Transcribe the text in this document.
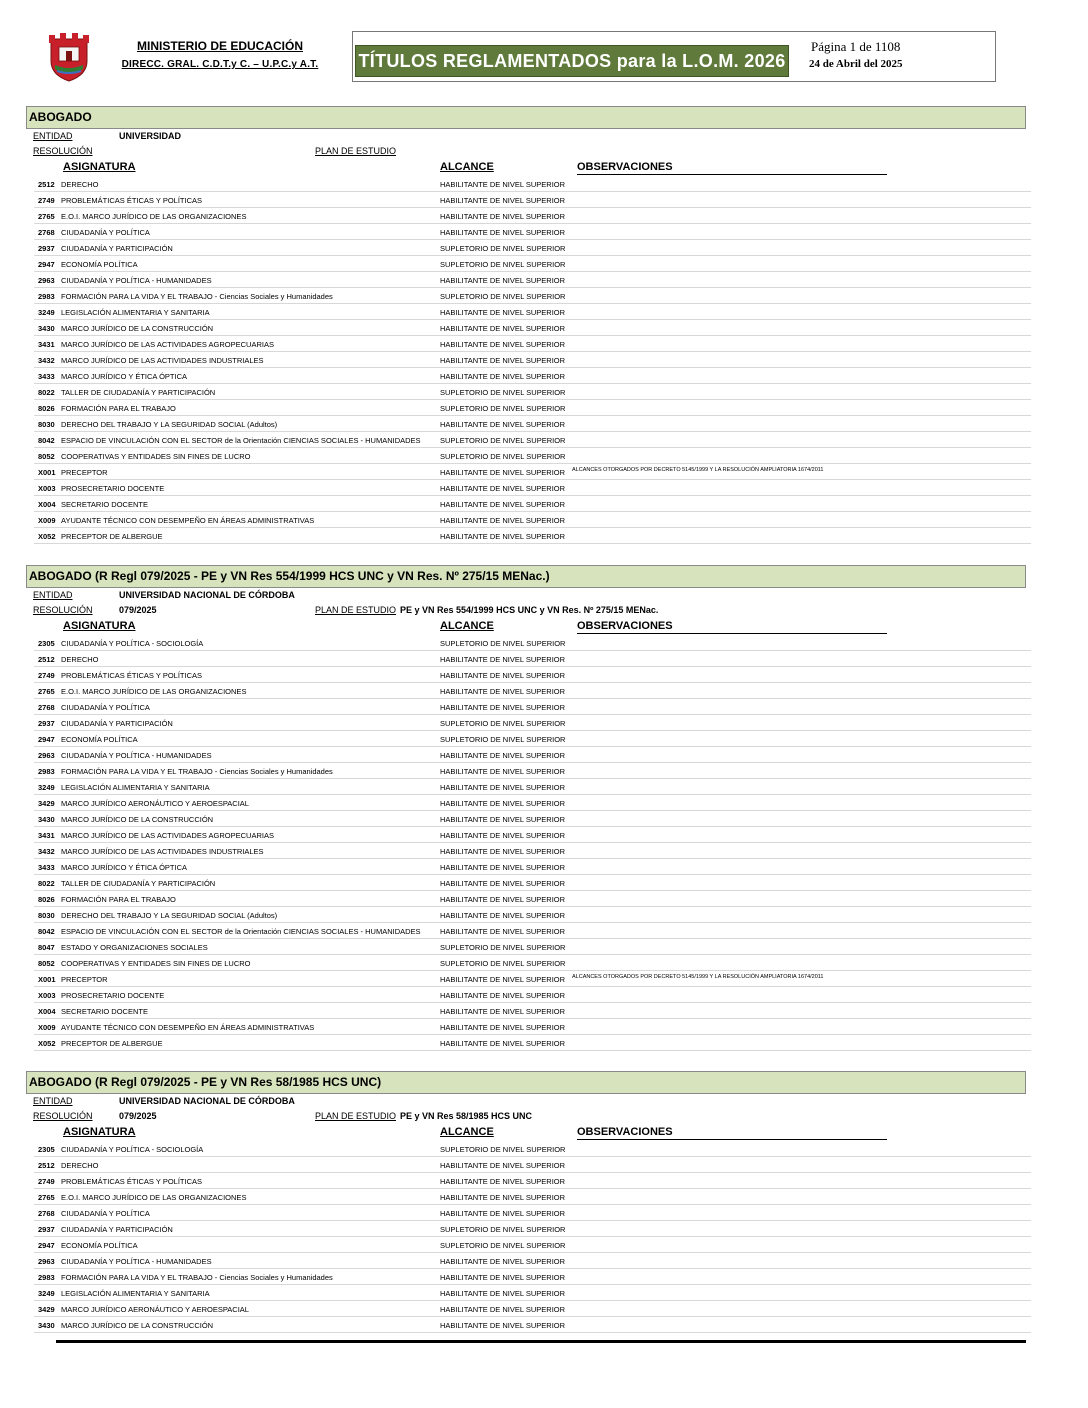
MINISTERIO DE EDUCACIÓN
DIRECC. GRAL. C.D.T.y C. – U.P.C.y A.T.	TÍTULOS REGLAMENTADOS para la L.O.M. 2026
Página 1 de 1108
24 de Abril del 2025
ABOGADO
ENTIDAD	UNIVERSIDAD
RESOLUCIÓN	PLAN DE ESTUDIO
ASIGNATURA	ALCANCE	OBSERVACIONES
2512 DERECHO	HABILITANTE DE NIVEL SUPERIOR
2749 PROBLEMÁTICAS ÉTICAS Y POLÍTICAS	HABILITANTE DE NIVEL SUPERIOR
2765 E.O.I. MARCO JURÍDICO DE LAS ORGANIZACIONES	HABILITANTE DE NIVEL SUPERIOR
2768 CIUDADANÍA Y POLÍTICA	HABILITANTE DE NIVEL SUPERIOR
2937 CIUDADANÍA Y PARTICIPACIÓN	SUPLETORIO DE NIVEL SUPERIOR
2947 ECONOMÍA POLÍTICA	SUPLETORIO DE NIVEL SUPERIOR
2963 CIUDADANÍA Y POLÍTICA - HUMANIDADES	HABILITANTE DE NIVEL SUPERIOR
2983 FORMACIÓN PARA LA VIDA Y EL TRABAJO - Ciencias Sociales y Humanidades	SUPLETORIO DE NIVEL SUPERIOR
3249 LEGISLACIÓN ALIMENTARIA Y SANITARIA	HABILITANTE DE NIVEL SUPERIOR
3430 MARCO JURÍDICO DE LA CONSTRUCCIÓN	HABILITANTE DE NIVEL SUPERIOR
3431 MARCO JURÍDICO DE LAS ACTIVIDADES AGROPECUARIAS	HABILITANTE DE NIVEL SUPERIOR
3432 MARCO JURÍDICO DE LAS ACTIVIDADES INDUSTRIALES	HABILITANTE DE NIVEL SUPERIOR
3433 MARCO JURÍDICO Y ÉTICA ÓPTICA	HABILITANTE DE NIVEL SUPERIOR
8022 TALLER DE CIUDADANÍA Y PARTICIPACIÓN	SUPLETORIO DE NIVEL SUPERIOR
8026 FORMACIÓN PARA EL TRABAJO	SUPLETORIO DE NIVEL SUPERIOR
8030 DERECHO DEL TRABAJO Y LA SEGURIDAD SOCIAL (Adultos)	HABILITANTE DE NIVEL SUPERIOR
8042 ESPACIO DE VINCULACIÓN CON EL SECTOR de la Orientación CIENCIAS SOCIALES - HUMANIDADES	SUPLETORIO DE NIVEL SUPERIOR
8052 COOPERATIVAS Y ENTIDADES SIN FINES DE LUCRO	SUPLETORIO DE NIVEL SUPERIOR
X001 PRECEPTOR	HABILITANTE DE NIVEL SUPERIOR ALCANCES OTORGADOS POR DECRETO 5145/1999 Y LA RESOLUCIÓN AMPLIATORIA 1674/2011
X003 PROSECRETARIO DOCENTE	HABILITANTE DE NIVEL SUPERIOR
X004 SECRETARIO DOCENTE	HABILITANTE DE NIVEL SUPERIOR
X009 AYUDANTE TÉCNICO CON DESEMPEÑO EN ÁREAS ADMINISTRATIVAS	HABILITANTE DE NIVEL SUPERIOR
X052 PRECEPTOR DE ALBERGUE	HABILITANTE DE NIVEL SUPERIOR
ABOGADO (R Regl 079/2025 - PE y VN Res 554/1999 HCS UNC y VN Res. Nº 275/15 MENac.)
ENTIDAD	UNIVERSIDAD NACIONAL DE CÓRDOBA
RESOLUCIÓN	079/2025	PLAN DE ESTUDIO PE y VN Res 554/1999 HCS UNC y VN Res. Nº 275/15 MENac.
ASIGNATURA	ALCANCE	OBSERVACIONES
2305 CIUDADANÍA Y POLÍTICA - SOCIOLOGÍA	SUPLETORIO DE NIVEL SUPERIOR
2512 DERECHO	HABILITANTE DE NIVEL SUPERIOR
2749 PROBLEMÁTICAS ÉTICAS Y POLÍTICAS	HABILITANTE DE NIVEL SUPERIOR
2765 E.O.I. MARCO JURÍDICO DE LAS ORGANIZACIONES	HABILITANTE DE NIVEL SUPERIOR
2768 CIUDADANÍA Y POLÍTICA	HABILITANTE DE NIVEL SUPERIOR
2937 CIUDADANÍA Y PARTICIPACIÓN	SUPLETORIO DE NIVEL SUPERIOR
2947 ECONOMÍA POLÍTICA	SUPLETORIO DE NIVEL SUPERIOR
2963 CIUDADANÍA Y POLÍTICA - HUMANIDADES	HABILITANTE DE NIVEL SUPERIOR
2983 FORMACIÓN PARA LA VIDA Y EL TRABAJO - Ciencias Sociales y Humanidades	HABILITANTE DE NIVEL SUPERIOR
3249 LEGISLACIÓN ALIMENTARIA Y SANITARIA	HABILITANTE DE NIVEL SUPERIOR
3429 MARCO JURÍDICO AERONÁUTICO Y AEROESPACIAL	HABILITANTE DE NIVEL SUPERIOR
3430 MARCO JURÍDICO DE LA CONSTRUCCIÓN	HABILITANTE DE NIVEL SUPERIOR
3431 MARCO JURÍDICO DE LAS ACTIVIDADES AGROPECUARIAS	HABILITANTE DE NIVEL SUPERIOR
3432 MARCO JURÍDICO DE LAS ACTIVIDADES INDUSTRIALES	HABILITANTE DE NIVEL SUPERIOR
3433 MARCO JURÍDICO Y ÉTICA ÓPTICA	HABILITANTE DE NIVEL SUPERIOR
8022 TALLER DE CIUDADANÍA Y PARTICIPACIÓN	HABILITANTE DE NIVEL SUPERIOR
8026 FORMACIÓN PARA EL TRABAJO	HABILITANTE DE NIVEL SUPERIOR
8030 DERECHO DEL TRABAJO Y LA SEGURIDAD SOCIAL (Adultos)	HABILITANTE DE NIVEL SUPERIOR
8042 ESPACIO DE VINCULACIÓN CON EL SECTOR de la Orientación CIENCIAS SOCIALES - HUMANIDADES	HABILITANTE DE NIVEL SUPERIOR
8047 ESTADO Y ORGANIZACIONES SOCIALES	SUPLETORIO DE NIVEL SUPERIOR
8052 COOPERATIVAS Y ENTIDADES SIN FINES DE LUCRO	SUPLETORIO DE NIVEL SUPERIOR
X001 PRECEPTOR	HABILITANTE DE NIVEL SUPERIOR ALCANCES OTORGADOS POR DECRETO 5145/1999 Y LA RESOLUCIÓN AMPLIATORIA 1674/2011
X003 PROSECRETARIO DOCENTE	HABILITANTE DE NIVEL SUPERIOR
X004 SECRETARIO DOCENTE	HABILITANTE DE NIVEL SUPERIOR
X009 AYUDANTE TÉCNICO CON DESEMPEÑO EN ÁREAS ADMINISTRATIVAS	HABILITANTE DE NIVEL SUPERIOR
X052 PRECEPTOR DE ALBERGUE	HABILITANTE DE NIVEL SUPERIOR
ABOGADO (R Regl 079/2025 - PE y VN Res 58/1985 HCS UNC)
ENTIDAD	UNIVERSIDAD NACIONAL DE CÓRDOBA
RESOLUCIÓN	079/2025	PLAN DE ESTUDIO PE y VN Res 58/1985 HCS UNC
ASIGNATURA	ALCANCE	OBSERVACIONES
2305 CIUDADANÍA Y POLÍTICA - SOCIOLOGÍA	SUPLETORIO DE NIVEL SUPERIOR
2512 DERECHO	HABILITANTE DE NIVEL SUPERIOR
2749 PROBLEMÁTICAS ÉTICAS Y POLÍTICAS	HABILITANTE DE NIVEL SUPERIOR
2765 E.O.I. MARCO JURÍDICO DE LAS ORGANIZACIONES	HABILITANTE DE NIVEL SUPERIOR
2768 CIUDADANÍA Y POLÍTICA	HABILITANTE DE NIVEL SUPERIOR
2937 CIUDADANÍA Y PARTICIPACIÓN	SUPLETORIO DE NIVEL SUPERIOR
2947 ECONOMÍA POLÍTICA	SUPLETORIO DE NIVEL SUPERIOR
2963 CIUDADANÍA Y POLÍTICA - HUMANIDADES	HABILITANTE DE NIVEL SUPERIOR
2983 FORMACIÓN PARA LA VIDA Y EL TRABAJO - Ciencias Sociales y Humanidades	HABILITANTE DE NIVEL SUPERIOR
3249 LEGISLACIÓN ALIMENTARIA Y SANITARIA	HABILITANTE DE NIVEL SUPERIOR
3429 MARCO JURÍDICO AERONÁUTICO Y AEROESPACIAL	HABILITANTE DE NIVEL SUPERIOR
3430 MARCO JURÍDICO DE LA CONSTRUCCIÓN	HABILITANTE DE NIVEL SUPERIOR
